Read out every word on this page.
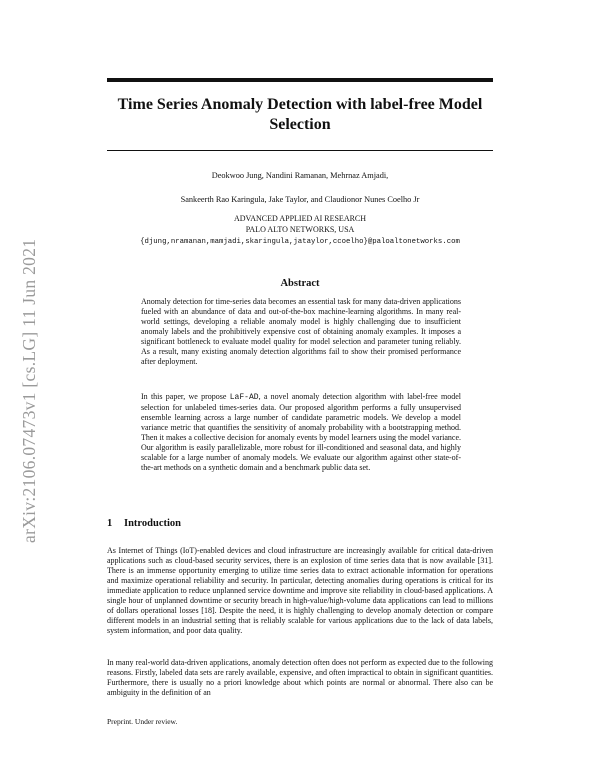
arXiv:2106.07473v1 [cs.LG] 11 Jun 2021
Time Series Anomaly Detection with label-free Model
Selection
Deokwoo Jung, Nandini Ramanan, Mehrnaz Amjadi,
Sankeerth Rao Karingula, Jake Taylor, and Claudionor Nunes Coelho Jr
ADVANCED APPLIED AI RESEARCH
PALO ALTO NETWORKS, USA
{djung,nramanan,mamjadi,skaringula,jataylor,ccoelho}@paloaltonetworks.com
Abstract
Anomaly detection for time-series data becomes an essential task for many data-driven applications fueled with an abundance of data and out-of-the-box machine-learning algorithms. In many real-world settings, developing a reliable anomaly model is highly challenging due to insufficient anomaly labels and the prohibitively expensive cost of obtaining anomaly examples. It imposes a significant bottleneck to evaluate model quality for model selection and parameter tuning reliably. As a result, many existing anomaly detection algorithms fail to show their promised performance after deployment.
In this paper, we propose LaF-AD, a novel anomaly detection algorithm with label-free model selection for unlabeled times-series data. Our proposed algorithm performs a fully unsupervised ensemble learning across a large number of candidate parametric models. We develop a model variance metric that quantifies the sensitivity of anomaly probability with a bootstrapping method. Then it makes a collective decision for anomaly events by model learners using the model variance. Our algorithm is easily parallelizable, more robust for ill-conditioned and seasonal data, and highly scalable for a large number of anomaly models. We evaluate our algorithm against other state-of-the-art methods on a synthetic domain and a benchmark public data set.
1 Introduction
As Internet of Things (IoT)-enabled devices and cloud infrastructure are increasingly available for critical data-driven applications such as cloud-based security services, there is an explosion of time series data that is now available [31]. There is an immense opportunity emerging to utilize time series data to extract actionable information for operations and maximize operational reliability and security. In particular, detecting anomalies during operations is critical for its immediate application to reduce unplanned service downtime and improve site reliability in cloud-based applications. A single hour of unplanned downtime or security breach in high-value/high-volume data applications can lead to millions of dollars operational losses [18]. Despite the need, it is highly challenging to develop anomaly detection or compare different models in an industrial setting that is reliably scalable for various applications due to the lack of data labels, system information, and poor data quality.
In many real-world data-driven applications, anomaly detection often does not perform as expected due to the following reasons. Firstly, labeled data sets are rarely available, expensive, and often impractical to obtain in significant quantities. Furthermore, there is usually no a priori knowledge about which points are normal or abnormal. There also can be ambiguity in the definition of an
Preprint. Under review.
